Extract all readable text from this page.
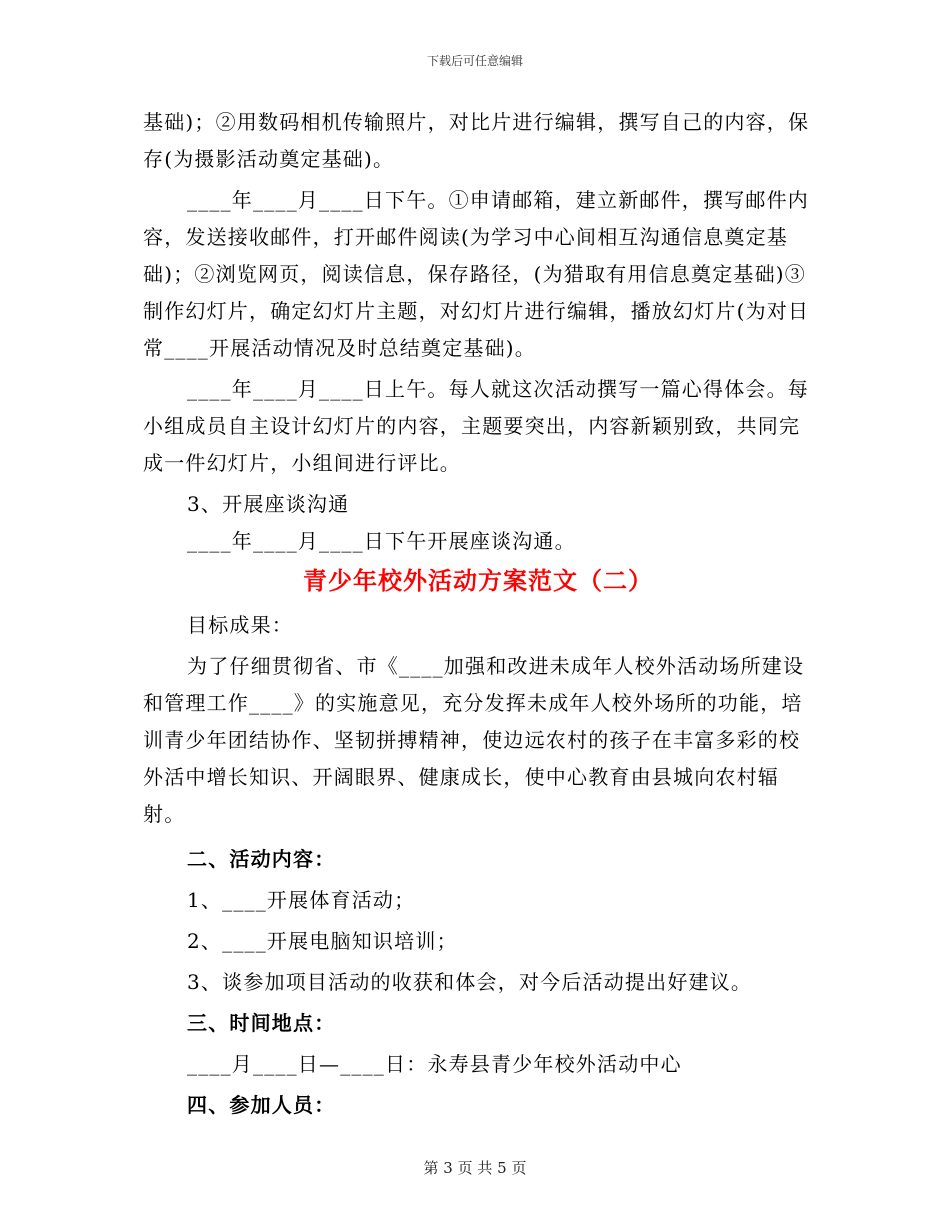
下载后可任意编辑

基础)；②用数码相机传输照片，对比片进行编辑，撰写自己的内容，保存(为摄影活动奠定基础)。

____年____月____日下午。①申请邮箱，建立新邮件，撰写邮件内容，发送接收邮件，打开邮件阅读(为学习中心间相互沟通信息奠定基础)；②浏览网页，阅读信息，保存路径，(为猎取有用信息奠定基础)③制作幻灯片，确定幻灯片主题，对幻灯片进行编辑，播放幻灯片(为对日常____开展活动情况及时总结奠定基础)。

____年____月____日上午。每人就这次活动撰写一篇心得体会。每小组成员自主设计幻灯片的内容，主题要突出，内容新颖别致，共同完成一件幻灯片，小组间进行评比。

3、开展座谈沟通

____年____月____日下午开展座谈沟通。

青少年校外活动方案范文（二）

目标成果：

为了仔细贯彻省、市《____加强和改进未成年人校外活动场所建设和管理工作____》的实施意见，充分发挥未成年人校外场所的功能，培训青少年团结协作、坚韧拼搏精神，使边远农村的孩子在丰富多彩的校外活中增长知识、开阔眼界、健康成长，使中心教育由县城向农村辐射。

二、活动内容：

1、____开展体育活动；

2、____开展电脑知识培训；

3、谈参加项目活动的收获和体会，对今后活动提出好建议。

三、时间地点：

____月____日—____日：永寿县青少年校外活动中心

四、参加人员：

第 3 页 共 5 页
